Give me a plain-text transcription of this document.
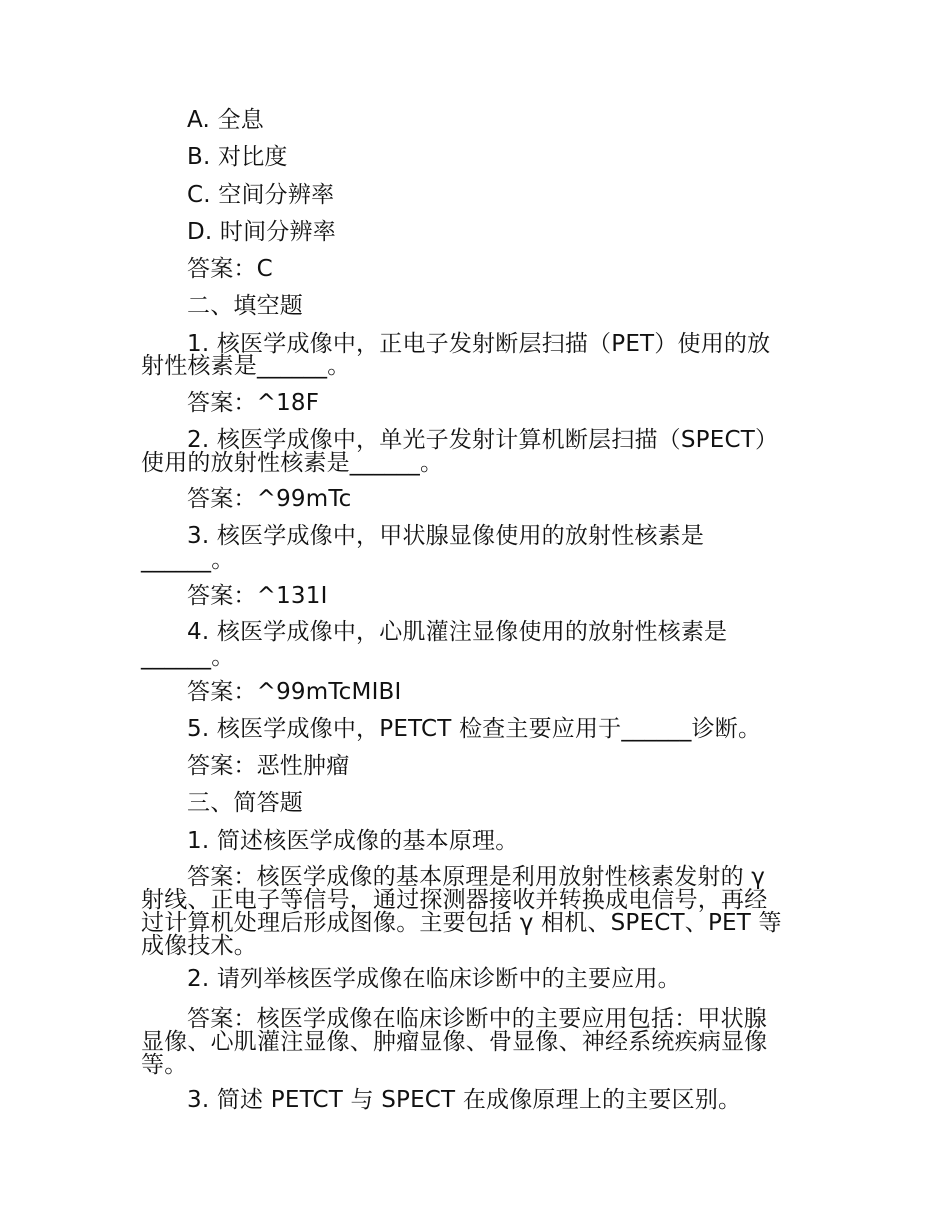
A. 全息
B. 对比度
C. 空间分辨率
D. 时间分辨率
答案：C
二、填空题
1. 核医学成像中，正电子发射断层扫描（PET）使用的放
射性核素是______。
答案：^18F
2. 核医学成像中，单光子发射计算机断层扫描（SPECT）
使用的放射性核素是______。
答案：^99mTc
3. 核医学成像中，甲状腺显像使用的放射性核素是
______。
答案：^131I
4. 核医学成像中，心肌灌注显像使用的放射性核素是
______。
答案：^99mTcMIBI
5. 核医学成像中，PETCT 检查主要应用于______诊断。
答案：恶性肿瘤
三、简答题
1. 简述核医学成像的基本原理。
答案：核医学成像的基本原理是利用放射性核素发射的 γ
射线、正电子等信号，通过探测器接收并转换成电信号，再经
过计算机处理后形成图像。主要包括 γ 相机、SPECT、PET 等
成像技术。
2. 请列举核医学成像在临床诊断中的主要应用。
答案：核医学成像在临床诊断中的主要应用包括：甲状腺
显像、心肌灌注显像、肿瘤显像、骨显像、神经系统疾病显像
等。
3. 简述 PETCT 与 SPECT 在成像原理上的主要区别。
